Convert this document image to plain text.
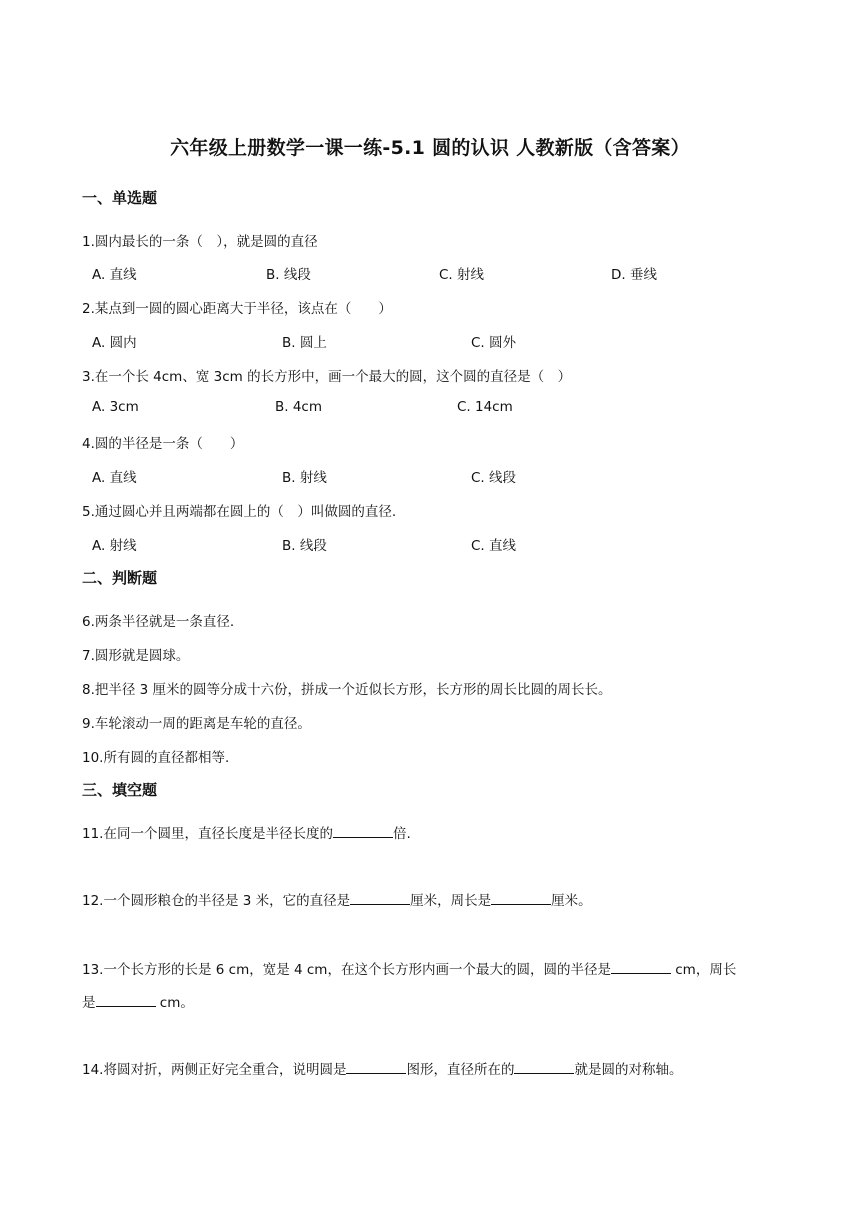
六年级上册数学一课一练-5.1 圆的认识 人教新版（含答案）
一、单选题
1.圆内最长的一条（　），就是圆的直径
A. 直线	B. 线段	C. 射线	D. 垂线
2.某点到一圆的圆心距离大于半径，该点在（　　）
A. 圆内	B. 圆上	C. 圆外
3.在一个长 4cm、宽 3cm 的长方形中，画一个最大的圆，这个圆的直径是（　）
A. 3cm	B. 4cm	C. 14cm
4.圆的半径是一条（　　）
A. 直线	B. 射线	C. 线段
5.通过圆心并且两端都在圆上的（　）叫做圆的直径.
A. 射线	B. 线段	C. 直线
二、判断题
6.两条半径就是一条直径.
7.圆形就是圆球。
8.把半径 3 厘米的圆等分成十六份，拼成一个近似长方形，长方形的周长比圆的周长长。
9.车轮滚动一周的距离是车轮的直径。
10.所有圆的直径都相等.
三、填空题
11.在同一个圆里，直径长度是半径长度的	倍.
12.一个圆形粮仓的半径是 3 米，它的直径是	厘米，周长是	厘米。
13.一个长方形的长是 6 cm，宽是 4 cm，在这个长方形内画一个最大的圆，圆的半径是	cm，周长
是	cm。
14.将圆对折，两侧正好完全重合，说明圆是	图形，直径所在的	就是圆的对称轴。
